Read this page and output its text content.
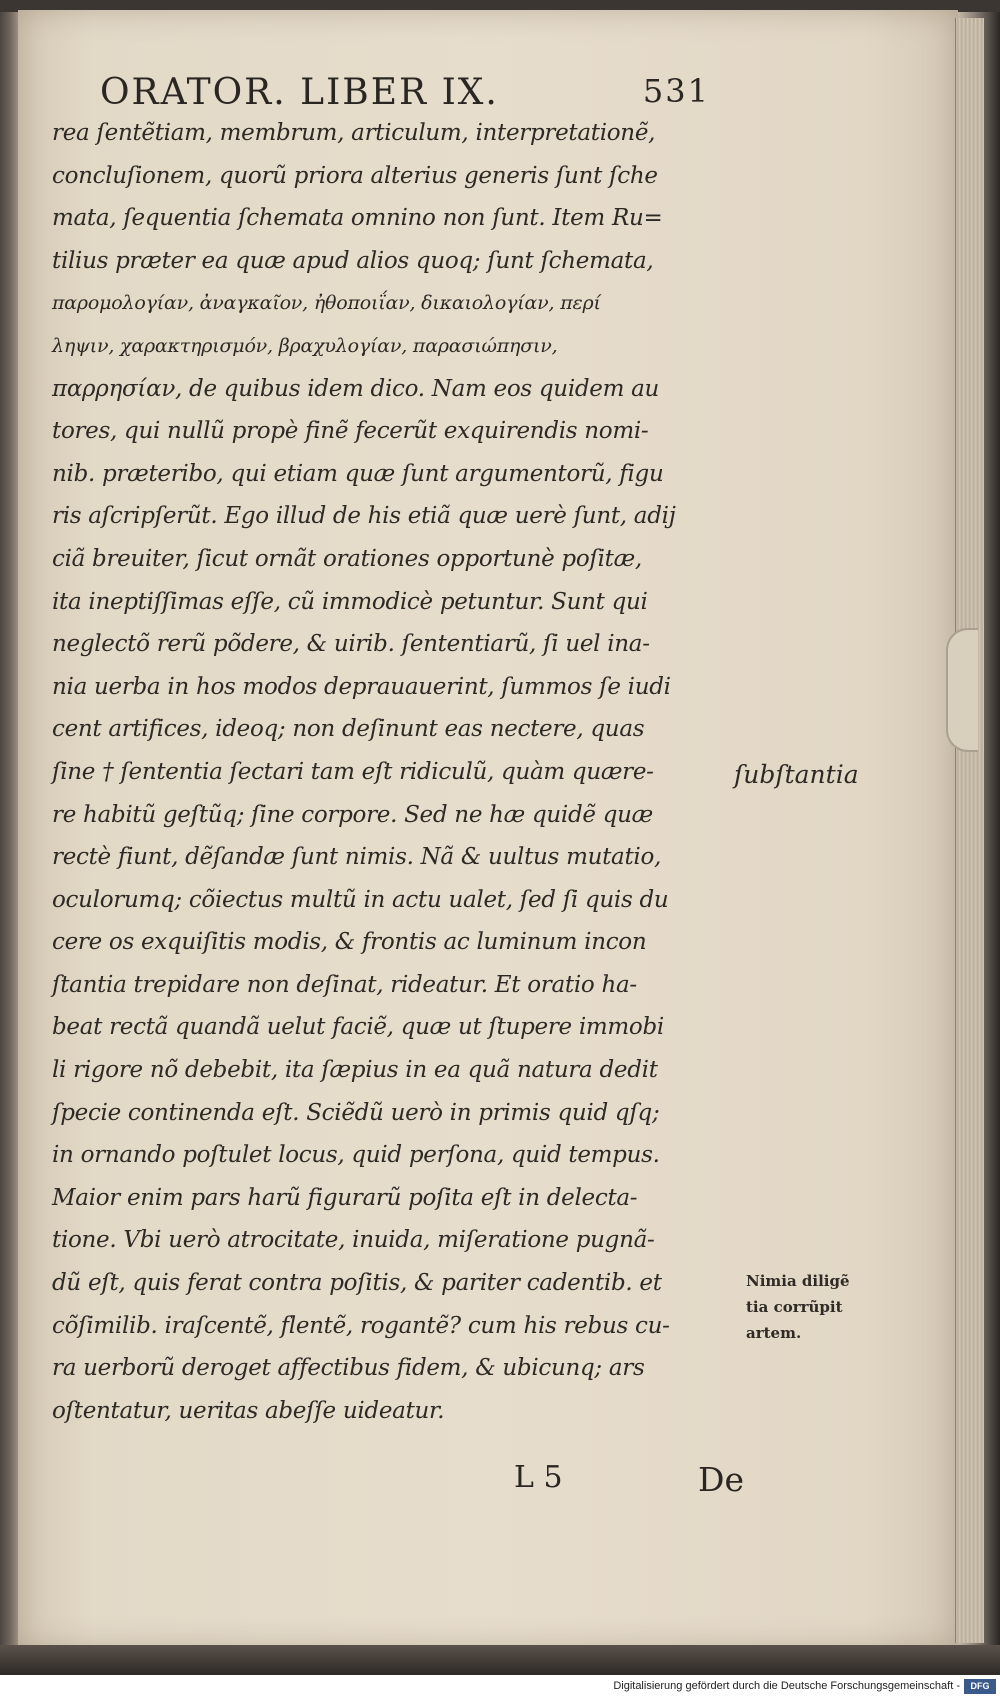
ORATOR. LIBER IX.	531
rea ſentẽtiam, membrum, articulum, interpretationẽ,
concluſionem, quorũ priora alterius generis ſunt ſche
mata, ſequentia ſchemata omnino non ſunt. Item Ru=
tilius præter ea quæ apud alios quoq; ſunt ſchemata,
παρομολογίαν, ἀναγκαῖον, ἠθοποιΐαν, δικαιολογίαν, περί
ληψιν, χαρακτηρισμόν, βραχυλογίαν, παρασιώπησιν,
παρρησίαν, de quibus idem dico. Nam eos quidem au
tores, qui nullũ propè finẽ fecerũt exquirendis nomi-
nib. præteribo, qui etiam quæ ſunt argumentorũ, figu
ris aſcripſerũt. Ego illud de his etiã quæ uerè ſunt, adij
ciã breuiter, ſicut ornãt orationes opportunè poſitæ,
ita ineptiſſimas eſſe, cũ immodicè petuntur. Sunt qui
neglectõ rerũ põdere, & uirib. ſententiarũ, ſi uel ina-
nia uerba in hos modos deprauauerint, ſummos ſe iudi
cent artifices, ideoq; non deſinunt eas nectere, quas
ſine † ſententia ſectari tam eſt ridiculũ, quàm quære-
re habitũ geſtũq; ſine corpore. Sed ne hæ quidẽ quæ
rectè fiunt, dẽſandæ ſunt nimis. Nã & uultus mutatio,
oculorumq; cõiectus multũ in actu ualet, ſed ſi quis du
cere os exquiſitis modis, & frontis ac luminum incon
ſtantia trepidare non deſinat, rideatur. Et oratio ha-
beat rectã quandã uelut faciẽ, quæ ut ſtupere immobi
li rigore nõ debebit, ita ſæpius in ea quã natura dedit
ſpecie continenda eſt. Sciẽdũ uerò in primis quid qſq;
in ornando poſtulet locus, quid perſona, quid tempus.
Maior enim pars harũ figurarũ poſita eſt in delecta-
tione. Vbi uerò atrocitate, inuida, miſeratione pugnã-
dũ eſt, quis ferat contra poſitis, & pariter cadentib. et
cõſimilib. iraſcentẽ, flentẽ, rogantẽ? cum his rebus cu-
ra uerborũ deroget affectibus fidem, & ubicunq; ars
oſtentatur, ueritas abeſſe uideatur.
ſubſtantia
Nimia diligẽ
tia corrũpit
artem.
L 5	De
Digitalisierung gefördert durch die Deutsche Forschungsgemeinschaft -	DFG
